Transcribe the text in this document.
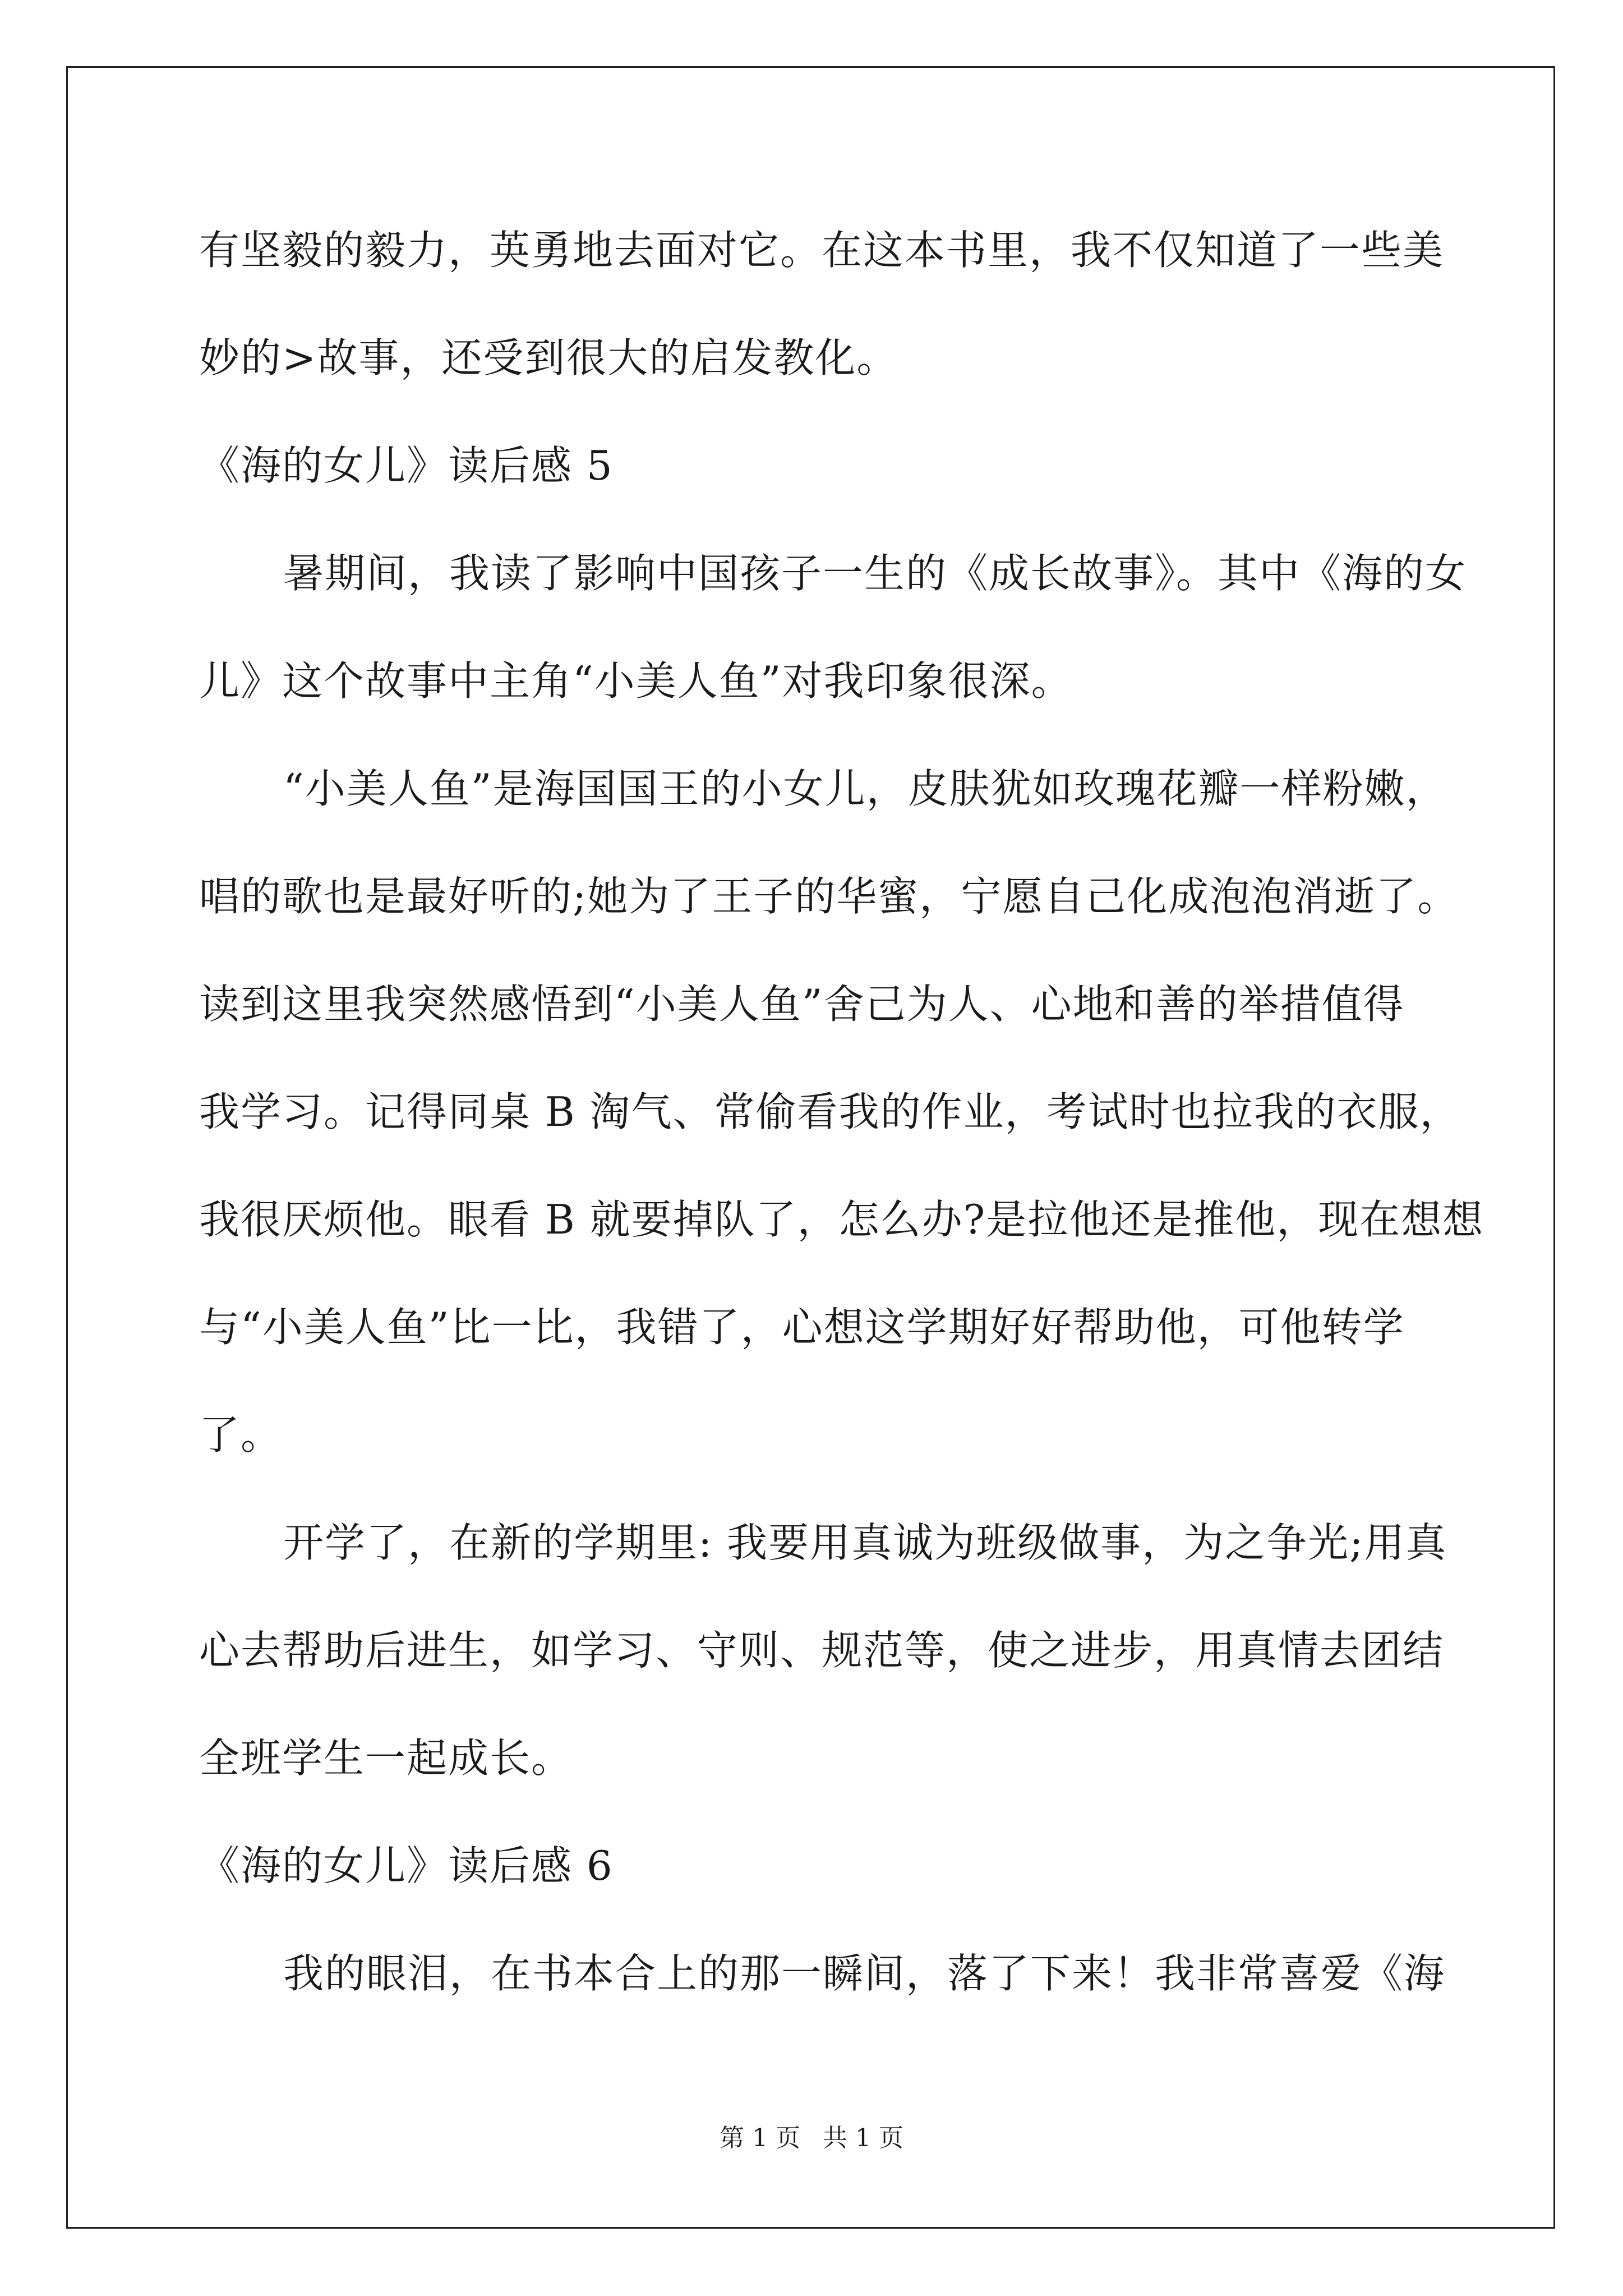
有坚毅的毅力，英勇地去面对它。在这本书里，我不仅知道了一些美
妙的>故事，还受到很大的启发教化。
《海的女儿》读后感 5
暑期间，我读了影响中国孩子一生的《成长故事》。其中《海的女
儿》这个故事中主角“小美人鱼”对我印象很深。
“小美人鱼”是海国国王的小女儿，皮肤犹如玫瑰花瓣一样粉嫩，
唱的歌也是最好听的;她为了王子的华蜜，宁愿自己化成泡泡消逝了。
读到这里我突然感悟到“小美人鱼”舍己为人、心地和善的举措值得
我学习。记得同桌 B 淘气、常偷看我的作业，考试时也拉我的衣服，
我很厌烦他。眼看 B 就要掉队了，怎么办?是拉他还是推他，现在想想
与“小美人鱼”比一比，我错了，心想这学期好好帮助他，可他转学
了。
开学了，在新的学期里: 我要用真诚为班级做事，为之争光;用真
心去帮助后进生，如学习、守则、规范等，使之进步，用真情去团结
全班学生一起成长。
《海的女儿》读后感 6
我的眼泪，在书本合上的那一瞬间，落了下来！我非常喜爱《海
第 1 页 共 1 页
